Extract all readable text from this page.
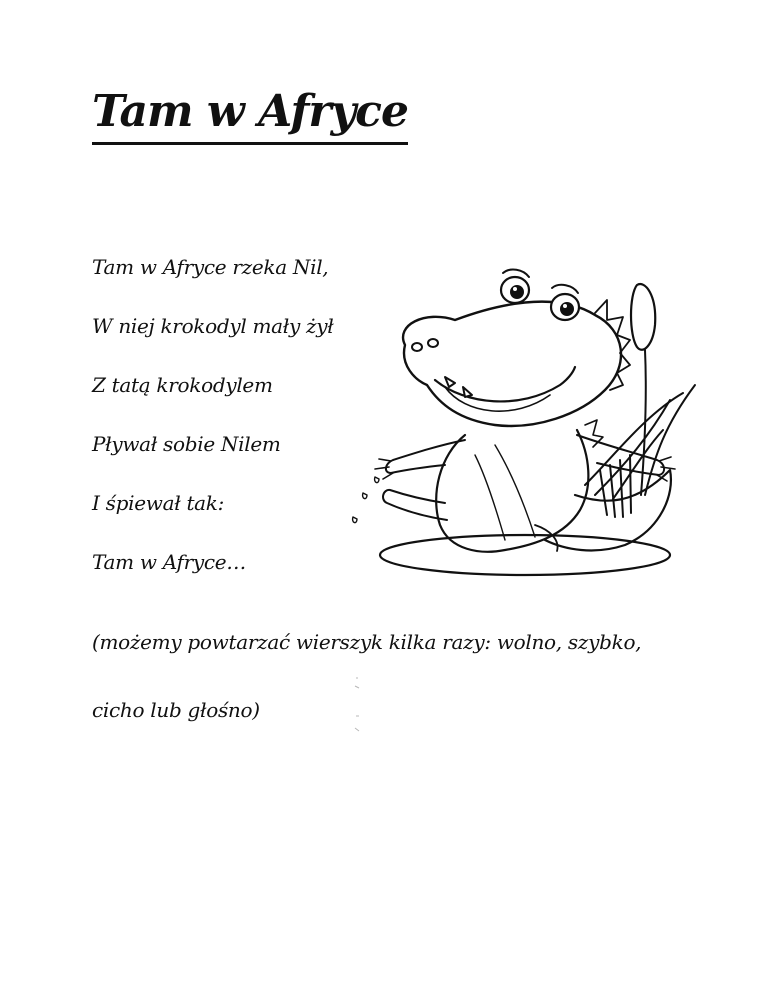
Tam w Afryce
Tam w Afryce rzeka Nil,
W niej krokodyl mały żył
Z tatą krokodylem
Pływał sobie Nilem
I śpiewał tak:
Tam w Afryce…
(możemy powtarzać wierszyk kilka razy: wolno, szybko,
cicho lub głośno)
